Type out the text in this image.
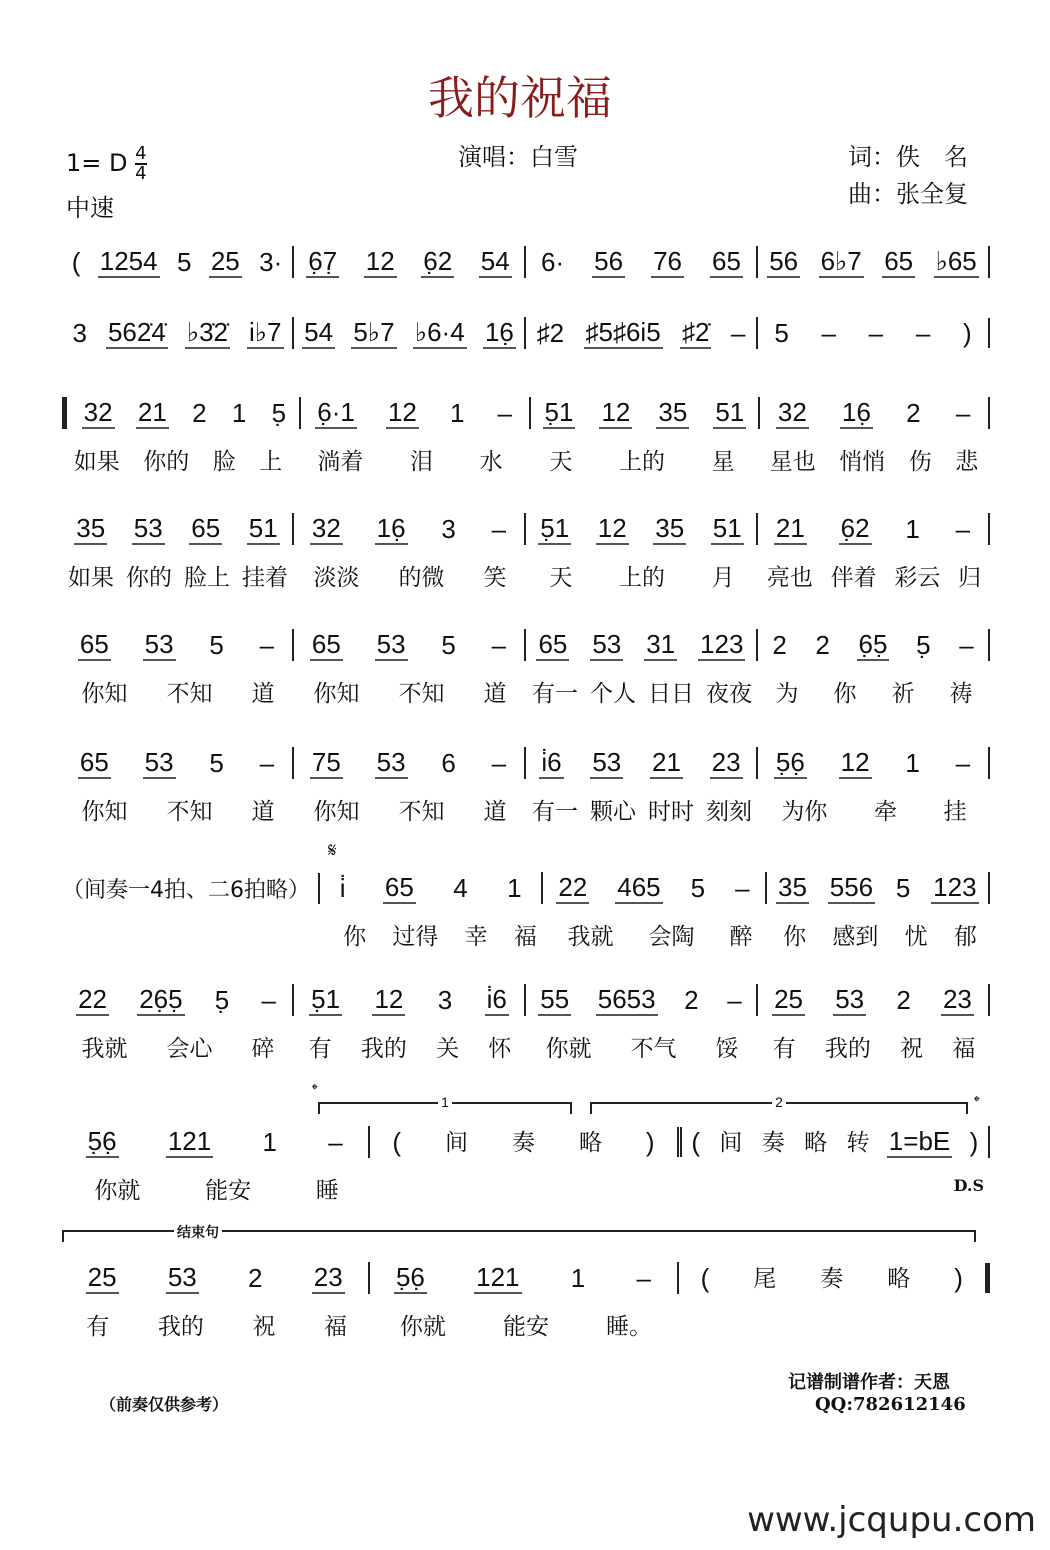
我的祝福
1= D $\frac{4}{4}$
中速
演唱：白雪	词：佚　名
曲：张全复
( 1254 5 25 3· 6̣7̣ 12 6̣2 54 6· 56 76 65 56 6♭7 65 ♭65
3 562̇4̇ ♭3̇2̇ i♭7 54 5♭7 ♭6·4 16̣ ♯2 ♯5♯6i5 ♯2̇ – 5 – – – )
32 21 2 1 5̣ 6̣·1 12 1 – 5̣1 12 35 51 32 16̣ 2 –
如果 你的 脸 上 淌着 泪 水 天 上的 星 星也 悄悄 伤 悲
35 53 65 51 32 16̣ 3 – 5̣1 12 35 51 21 6̣2 1 –
如果 你的 脸上 挂着 淡淡 的微 笑 天 上的 月 亮也 伴着 彩云 归
65 53 5 – 65 53 5 – 65 53 31 123 2 2 6̣5̣ 5̣ –
你知 不知 道 你知 不知 道 有一 个人 日日 夜夜 为 你 祈 祷
65 53 5 – 75 53 6 – i̇6 53 21 23 5̣6̣ 12 1 –
你知 不知 道 你知 不知 道 有一 颗心 时时 刻刻 为你 牵 挂
（间奏一4拍、二6拍略）	i̇ 65 4 1 22 465 5 – 35 556 5 123
你 过得 幸 福 我就 会陶 醉 你 感到 忧 郁
𝄋
22 26̣5̣ 5̣ – 5̣1 12 3 i̇6 55 5653 2 – 25 53 2 23
我就 会心 碎 有 我的 关 怀 你就 不气 馁 有 我的 祝 福
5̣6̣ 121 1 – ( 间 奏 略 ) ( 间 奏 略 转 1=bE )
你就	能安	睡
1	2
𝄌
𝄌
D.S
25 53 2 23 5̣6̣ 121 1 – ( 尾 奏 略 )
有 我的 祝 福 你就 能安 睡。
结束句
（前奏仅供参考）
记谱制谱作者：天恩
QQ:782612146
www.jcqupu.com
